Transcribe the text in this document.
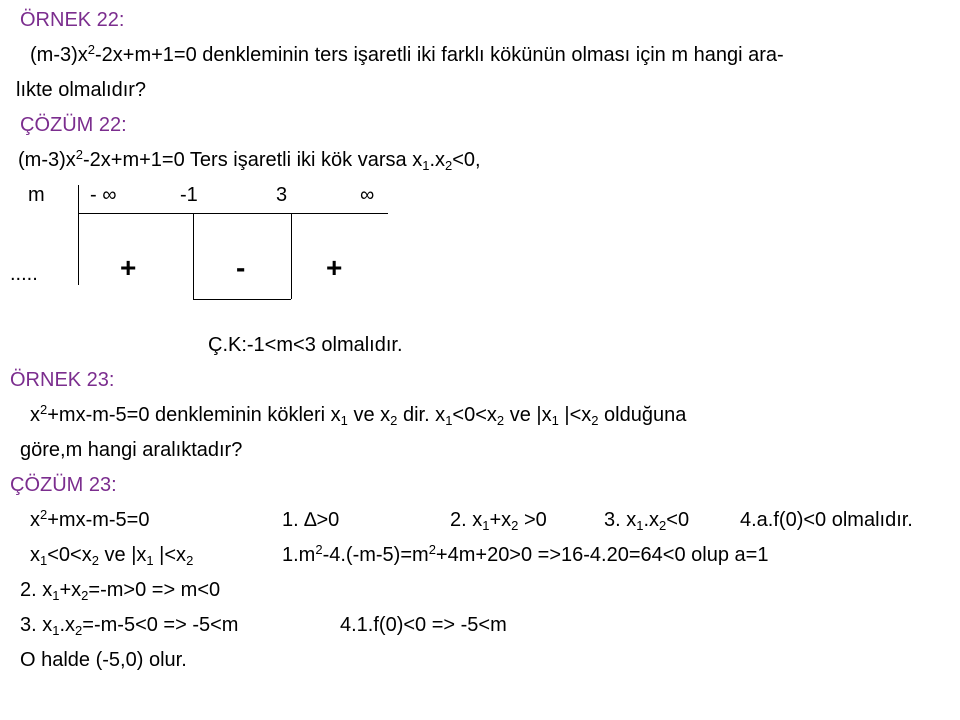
ÖRNEK 22:
$(m-3)x^2-2x+m+1=0$ denkleminin ters işaretli iki farklı kökünün olması için m hangi ara-
lıkte olmalıdır?
ÇÖZÜM 22:
$(m-3)x^2-2x+m+1=0$ Ters işaretli iki kök varsa $x_1.x_2<0$,
m - ∞	-1	3	∞
.....	+	-	+
Ç.K:-1<m<3 olmalıdır.
ÖRNEK 23:
$x^2+mx-m-5=0$ denkleminin kökleri $x_1$ ve $x_2$ dir. $x_1<0<x_2$ ve $|x_1$ $|<x_2$ olduğuna
göre,m hangi aralıktadır?
ÇÖZÜM 23:
$x^2+mx-m-5=0$	1. ∆>0	2. $x_1+x_2 >0$	3. $x_1.x_2<0$	4.a.f(0)<0 olmalıdır.
$x_1<0<x_2$ ve $|x_1$ $|<x_2$	$1.m^2-4.(-m-5)=m^2+4m+20>0 =>16-4.20=64<0$ olup a=1
2. $x_1+x_2=-m>0 => m<0$
3. $x_1.x_2=-m-5<0 => -5<m$	4.1.f(0)<0 => -5<m
O halde (-5,0) olur.
